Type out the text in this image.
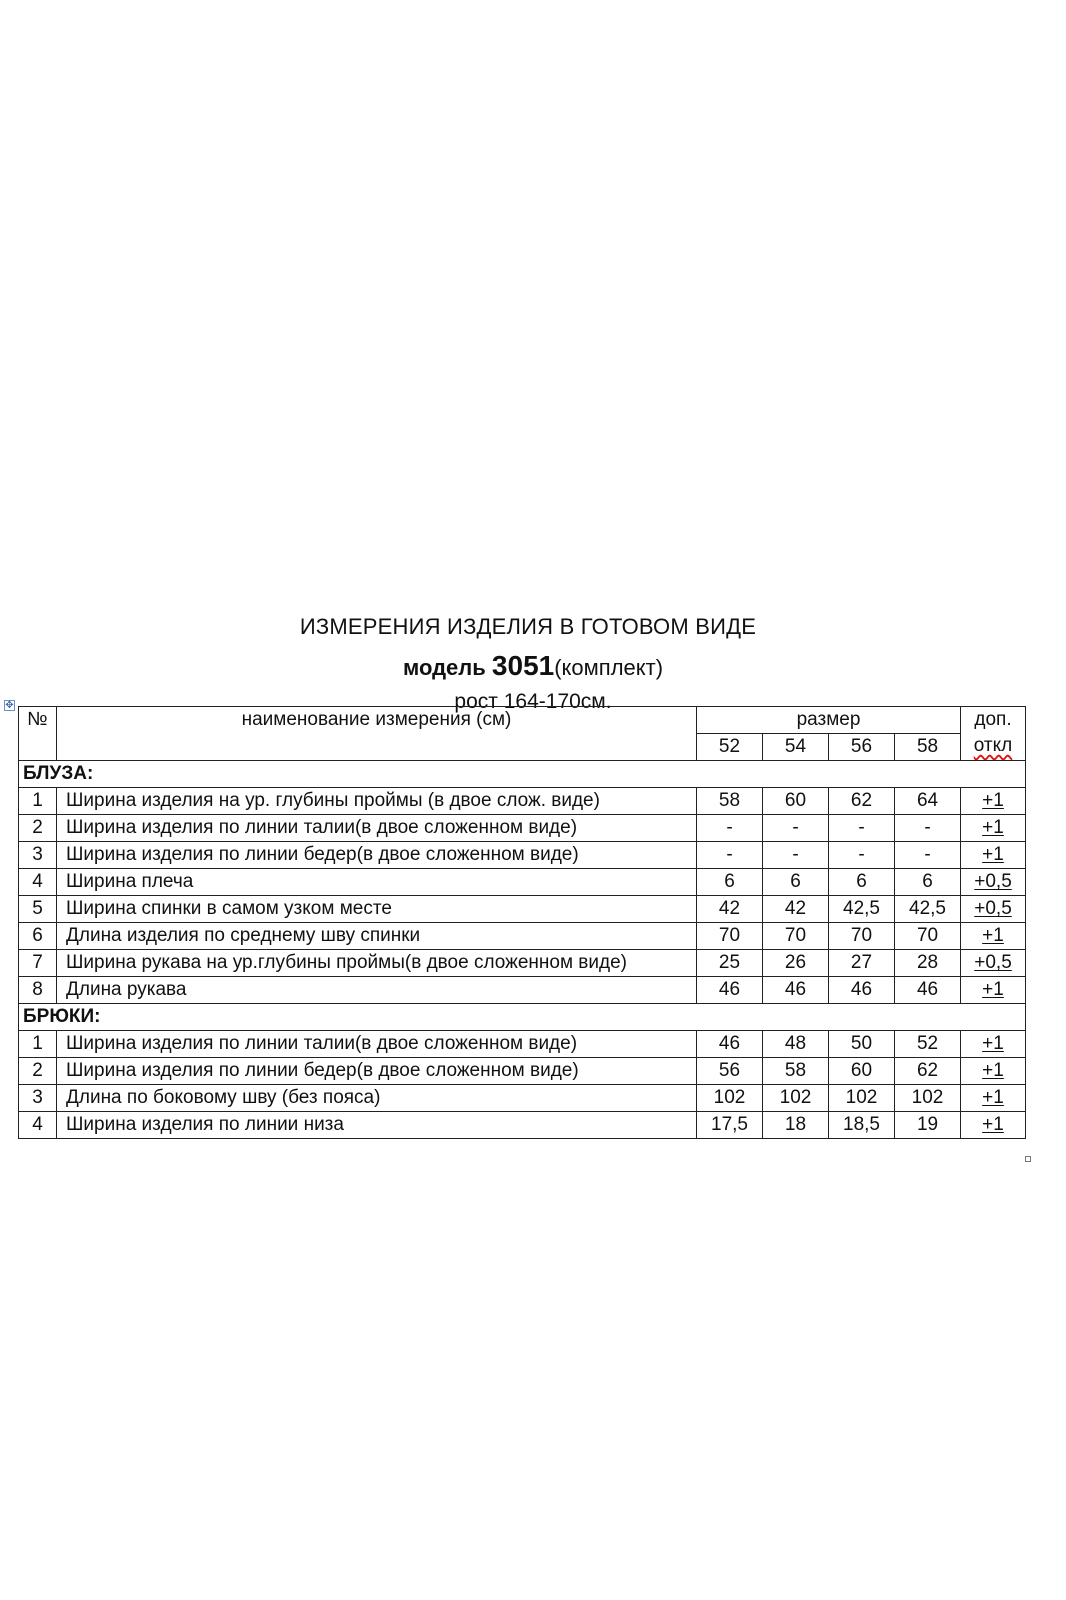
ИЗМЕРЕНИЯ ИЗДЕЛИЯ В ГОТОВОМ ВИДЕ
модель 3051(комплект)
рост 164-170см.
✥
№	наименование измерения (см)	размер				доп.
откл

		52	54	56	58	
БЛУЗА:						
1	Ширина изделия на ур. глубины проймы (в двое слож. виде)	58	60	62	64	+1
2	Ширина изделия по линии талии(в двое сложенном виде)	-	-	-	-	+1
3	Ширина изделия по линии бедер(в двое сложенном виде)	-	-	-	-	+1
4	Ширина плеча	6	6	6	6	+0,5
5	Ширина спинки в самом узком месте	42	42	42,5	42,5	+0,5
6	Длина изделия по среднему шву спинки	70	70	70	70	+1
7	Ширина рукава на ур.глубины проймы(в двое сложенном виде)	25	26	27	28	+0,5
8	Длина рукава	46	46	46	46	+1
БРЮКИ:						
1	Ширина изделия по линии талии(в двое сложенном виде)	46	48	50	52	+1
2	Ширина изделия по линии бедер(в двое сложенном виде)	56	58	60	62	+1
3	Длина по боковому шву (без пояса)	102	102	102	102	+1
4	Ширина изделия по линии низа	17,5	18	18,5	19	+1
